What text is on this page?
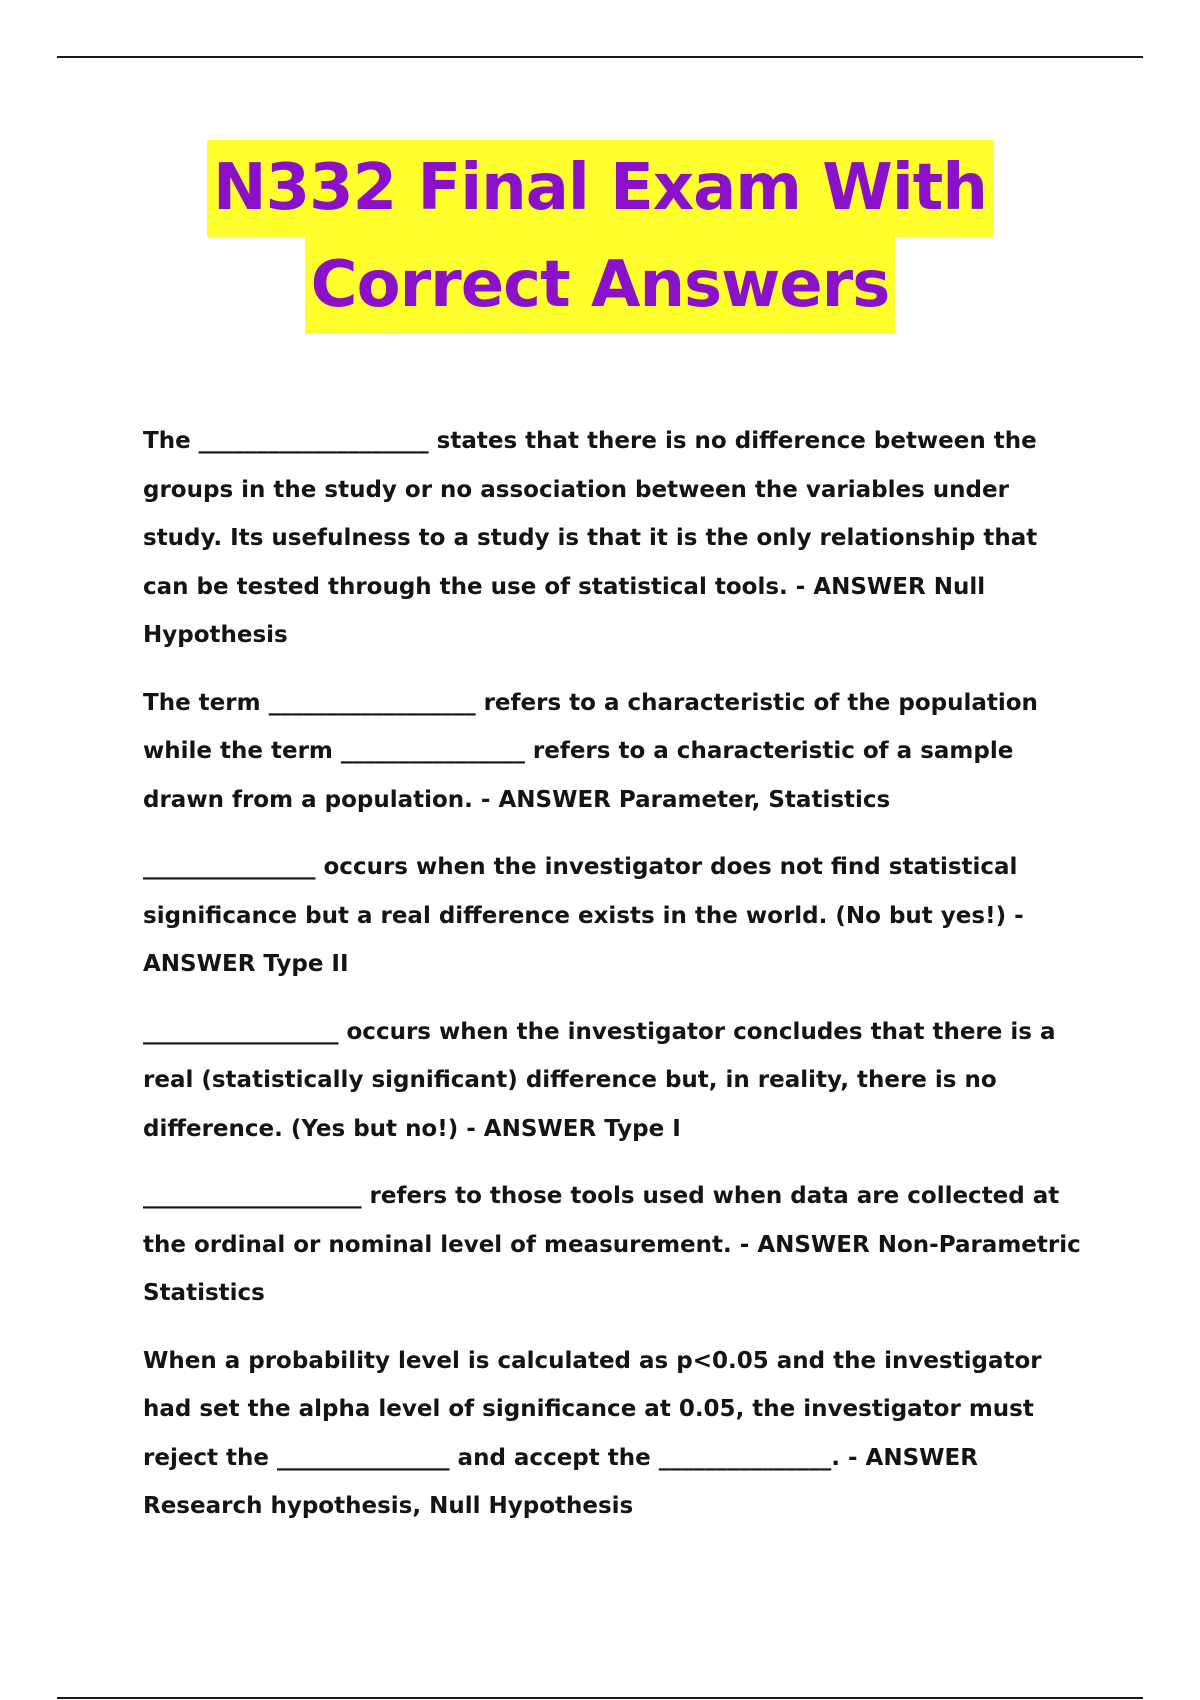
N332 Final Exam With
Correct Answers

The ____________________ states that there is no difference between the groups in the study or no association between the variables under study. Its usefulness to a study is that it is the only relationship that can be tested through the use of statistical tools. - ANSWER Null Hypothesis

The term __________________ refers to a characteristic of the population while the term ________________ refers to a characteristic of a sample drawn from a population. - ANSWER Parameter, Statistics

_______________ occurs when the investigator does not find statistical significance but a real difference exists in the world. (No but yes!) - ANSWER Type II

_________________ occurs when the investigator concludes that there is a real (statistically significant) difference but, in reality, there is no difference. (Yes but no!) - ANSWER Type I

___________________ refers to those tools used when data are collected at the ordinal or nominal level of measurement. - ANSWER Non-Parametric Statistics

When a probability level is calculated as p<0.05 and the investigator had set the alpha level of significance at 0.05, the investigator must reject the _______________ and accept the _______________. - ANSWER Research hypothesis, Null Hypothesis
